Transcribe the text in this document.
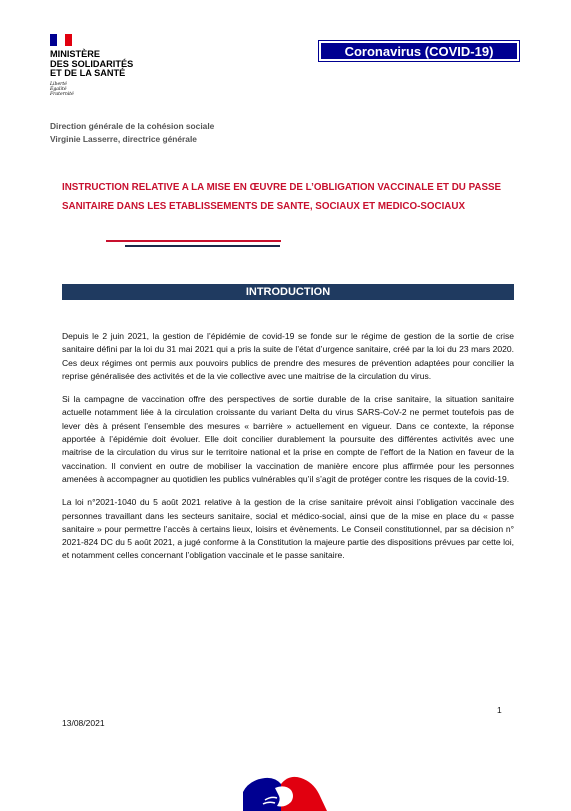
MINISTÈRE
DES SOLIDARITÉS
ET DE LA SANTÉ
Liberté
Égalité
Fraternité
Coronavirus (COVID-19)
Direction générale de la cohésion sociale
Virginie Lasserre, directrice générale
INSTRUCTION RELATIVE A LA MISE EN ŒUVRE DE L’OBLIGATION VACCINALE ET DU PASSE SANITAIRE DANS LES ETABLISSEMENTS DE SANTE, SOCIAUX ET MEDICO-SOCIAUX
INTRODUCTION

Depuis le 2 juin 2021, la gestion de l’épidémie de covid-19 se fonde sur le régime de gestion de la sortie de crise sanitaire défini par la loi du 31 mai 2021 qui a pris la suite de l’état d’urgence sanitaire, créé par la loi du 23 mars 2020. Ces deux régimes ont permis aux pouvoirs publics de prendre des mesures de prévention adaptées pour concilier la reprise généralisée des activités et de la vie collective avec une maitrise de la circulation du virus.

Si la campagne de vaccination offre des perspectives de sortie durable de la crise sanitaire, la situation sanitaire actuelle notamment liée à la circulation croissante du variant Delta du virus SARS-CoV-2 ne permet toutefois pas de lever dès à présent l’ensemble des mesures « barrière » actuellement en vigueur. Dans ce contexte, la réponse apportée à l’épidémie doit évoluer. Elle doit concilier durablement la poursuite des différentes activités avec une maitrise de la circulation du virus sur le territoire national et la prise en compte de l’effort de la Nation en faveur de la vaccination. Il convient en outre de mobiliser la vaccination de manière encore plus affirmée pour les personnes amenées à accompagner au quotidien les publics vulnérables qu’il s’agit de protéger contre les risques de la covid-19.

La loi n°2021-1040 du 5 août 2021 relative à la gestion de la crise sanitaire prévoit ainsi l’obligation vaccinale des personnes travaillant dans les secteurs sanitaire, social et médico-social, ainsi que de la mise en place du « passe sanitaire » pour permettre l’accès à certains lieux, loisirs et évènements. Le Conseil constitutionnel, par sa décision n° 2021-824 DC du 5 août 2021, a jugé conforme à la Constitution la majeure partie des dispositions prévues par cette loi, et notamment celles concernant l’obligation vaccinale et le passe sanitaire.

1
13/08/2021
